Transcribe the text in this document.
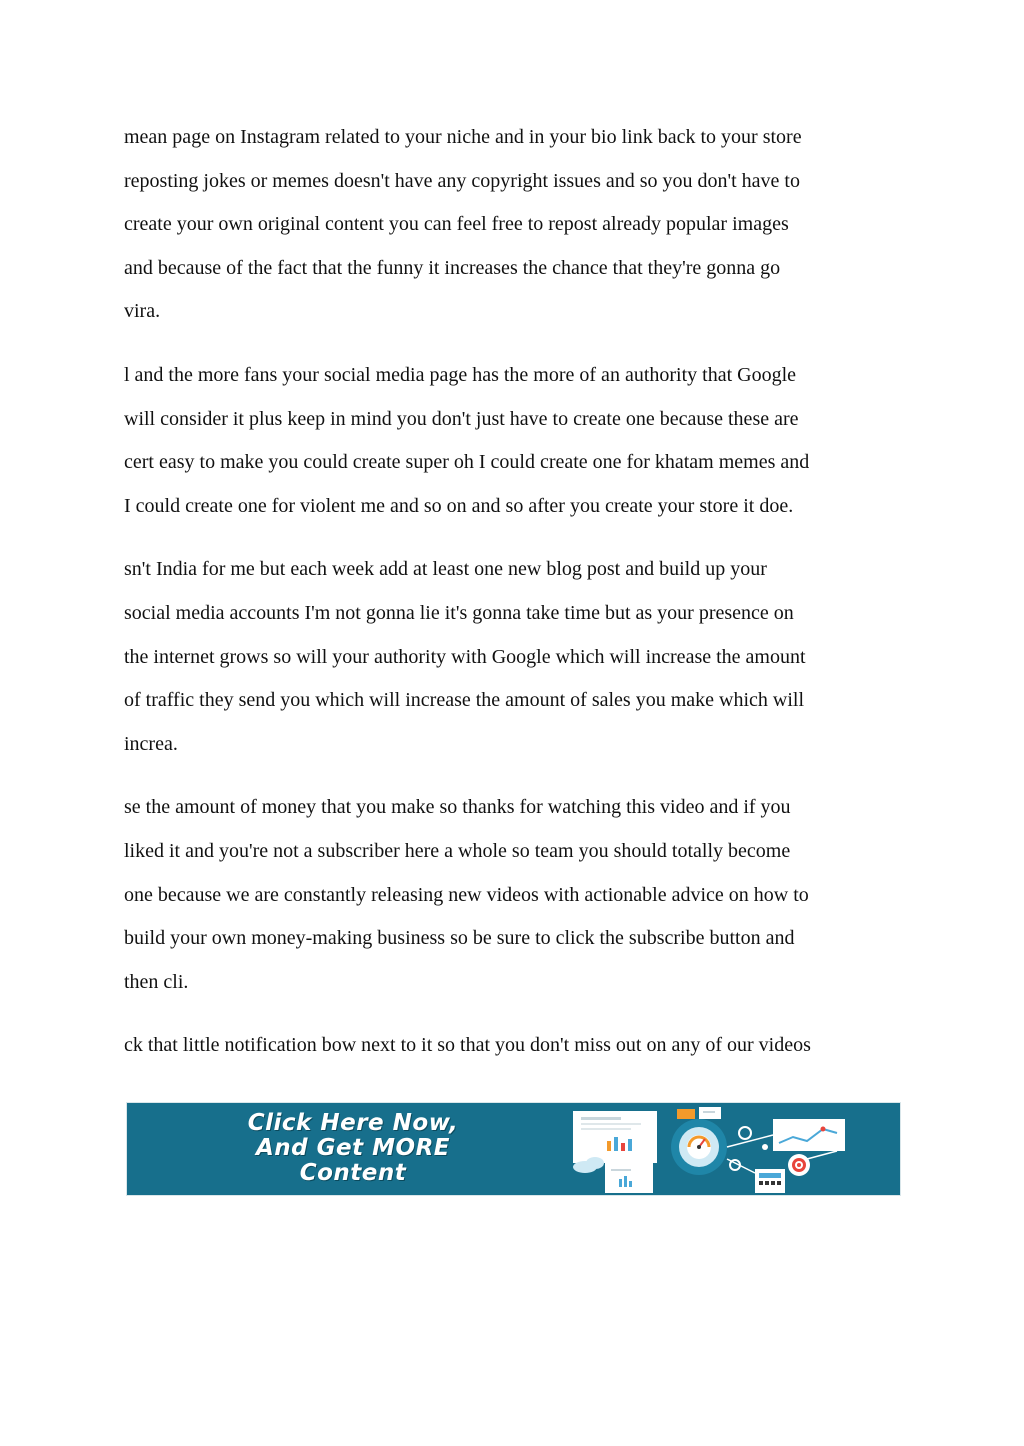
mean page on Instagram related to your niche and in your bio link back to your store
reposting jokes or memes doesn't have any copyright issues and so you don't have to
create your own original content you can feel free to repost already popular images
and because of the fact that the funny it increases the chance that they're gonna go
vira.

l and the more fans your social media page has the more of an authority that Google
will consider it plus keep in mind you don't just have to create one because these are
cert easy to make you could create super oh I could create one for khatam memes and
I could create one for violent me and so on and so after you create your store it doe.

sn't India for me but each week add at least one new blog post and build up your
social media accounts I'm not gonna lie it's gonna take time but as your presence on
the internet grows so will your authority with Google which will increase the amount
of traffic they send you which will increase the amount of sales you make which will
increa.

se the amount of money that you make so thanks for watching this video and if you
liked it and you're not a subscriber here a whole so team you should totally become
one because we are constantly releasing new videos with actionable advice on how to
build your own money-making business so be sure to click the subscribe button and
then cli.

ck that little notification bow next to it so that you don't miss out on any of our videos

Click Here Now,
And Get MORE
Content
